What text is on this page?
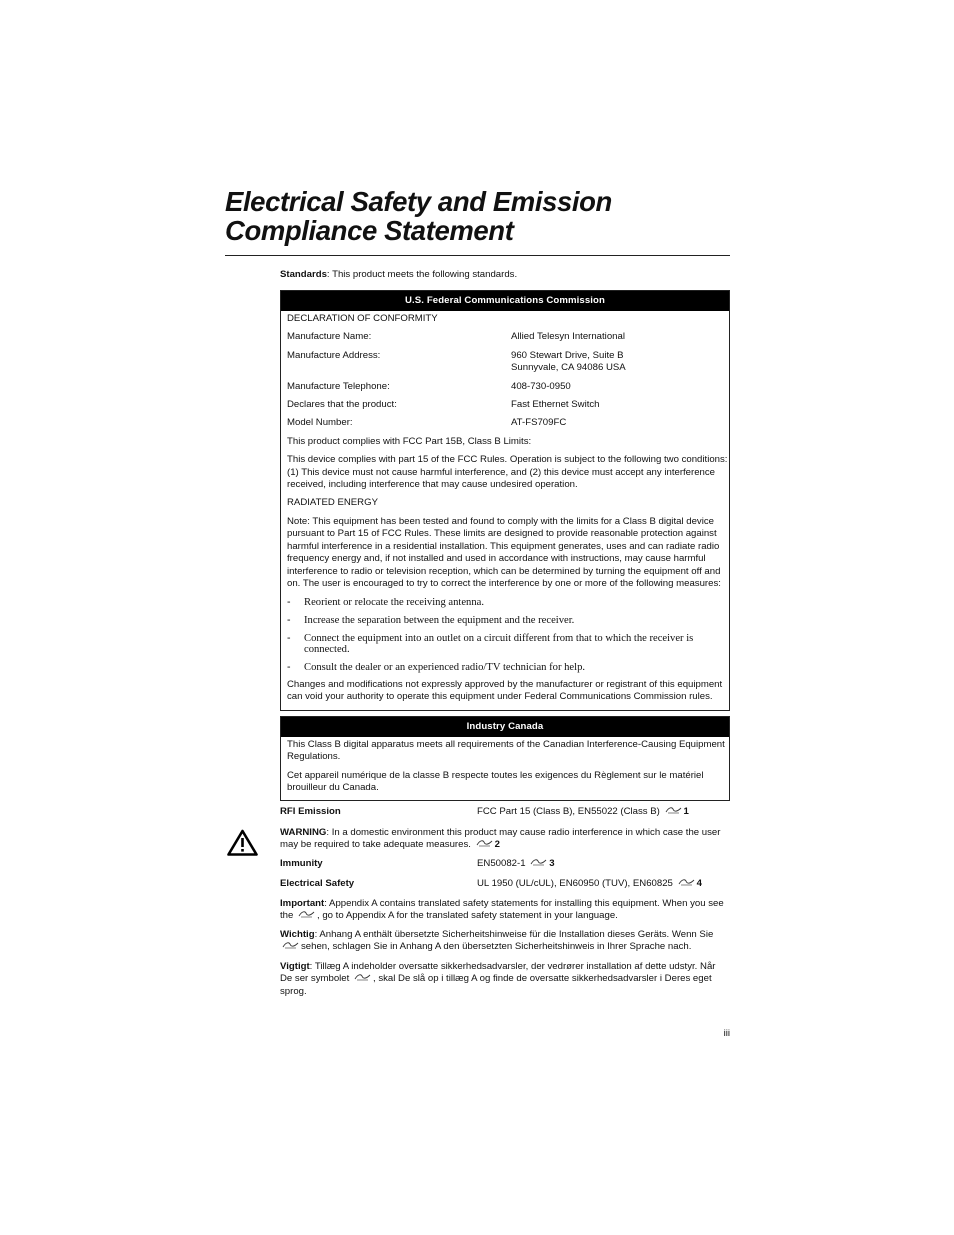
Electrical Safety and Emission Compliance Statement
Standards: This product meets the following standards.
U.S. Federal Communications Commission
DECLARATION OF CONFORMITY
Manufacture Name:	Allied Telesyn International
Manufacture Address:	960 Stewart Drive, Suite B
Sunnyvale, CA 94086 USA
Manufacture Telephone:	408-730-0950
Declares that the product:	Fast Ethernet Switch
Model Number:	AT-FS709FC
This product complies with FCC Part 15B, Class B Limits:
This device complies with part 15 of the FCC Rules. Operation is subject to the following two conditions: (1) This device must not cause harmful interference, and (2) this device must accept any interference received, including interference that may cause undesired operation.
RADIATED ENERGY
Note: This equipment has been tested and found to comply with the limits for a Class B digital device pursuant to Part 15 of FCC Rules. These limits are designed to provide reasonable protection against harmful interference in a residential installation. This equipment generates, uses and can radiate radio frequency energy and, if not installed and used in accordance with instructions, may cause harmful interference to radio or television reception, which can be determined by turning the equipment off and on. The user is encouraged to try to correct the interference by one or more of the following measures:
-	Reorient or relocate the receiving antenna.
-	Increase the separation between the equipment and the receiver.
-	Connect the equipment into an outlet on a circuit different from that to which the receiver is connected.
-	Consult the dealer or an experienced radio/TV technician for help.
Changes and modifications not expressly approved by the manufacturer or registrant of this equipment can void your authority to operate this equipment under Federal Communications Commission rules.
Industry Canada
This Class B digital apparatus meets all requirements of the Canadian Interference-Causing Equipment Regulations.
Cet appareil numérique de la classe B respecte toutes les exigences du Règlement sur le matériel brouilleur du Canada.
RFI Emission	FCC Part 15 (Class B), EN55022 (Class B) 1
WARNING: In a domestic environment this product may cause radio interference in which case the user may be required to take adequate measures. 2
Immunity	EN50082-1 3
Electrical Safety	UL 1950 (UL/cUL), EN60950 (TUV), EN60825 4
Important: Appendix A contains translated safety statements for installing this equipment. When you see the , go to Appendix A for the translated safety statement in your language.
Wichtig: Anhang A enthält übersetzte Sicherheitshinweise für die Installation dieses Geräts. Wenn Sie sehen, schlagen Sie in Anhang A den übersetzten Sicherheitshinweis in Ihrer Sprache nach.
Vigtigt: Tillæg A indeholder oversatte sikkerhedsadvarsler, der vedrører installation af dette udstyr. Når De ser symbolet , skal De slå op i tillæg A og finde de oversatte sikkerhedsadvarsler i Deres eget sprog.
iii
